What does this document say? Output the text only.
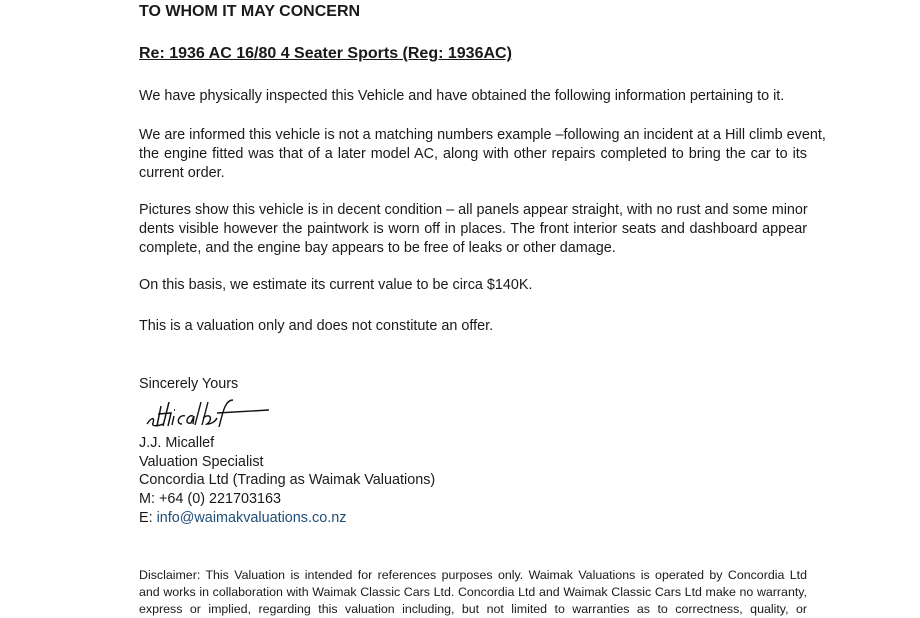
TO WHOM IT MAY CONCERN
Re: 1936 AC 16/80 4 Seater Sports (Reg: 1936AC)
We have physically inspected this Vehicle and have obtained the following information pertaining to it.
We are informed this vehicle is not a matching numbers example –following an incident at a Hill climb event,
the engine fitted was that of a later model AC, along with other repairs completed to bring the car to its
current order.
Pictures show this vehicle is in decent condition – all panels appear straight, with no rust and some minor
dents visible however the paintwork is worn off in places. The front interior seats and dashboard appear
complete, and the engine bay appears to be free of leaks or other damage.
On this basis, we estimate its current value to be circa $140K.
This is a valuation only and does not constitute an offer.
Sincerely Yours
J.J. Micallef
Valuation Specialist
Concordia Ltd (Trading as Waimak Valuations)
M: +64 (0) 221703163
E: info@waimakvaluations.co.nz
Disclaimer: This Valuation is intended for references purposes only. Waimak Valuations is operated by Concordia Ltd
and works in collaboration with Waimak Classic Cars Ltd. Concordia Ltd and Waimak Classic Cars Ltd make no warranty,
express or implied, regarding this valuation including, but not limited to warranties as to correctness, quality, or
